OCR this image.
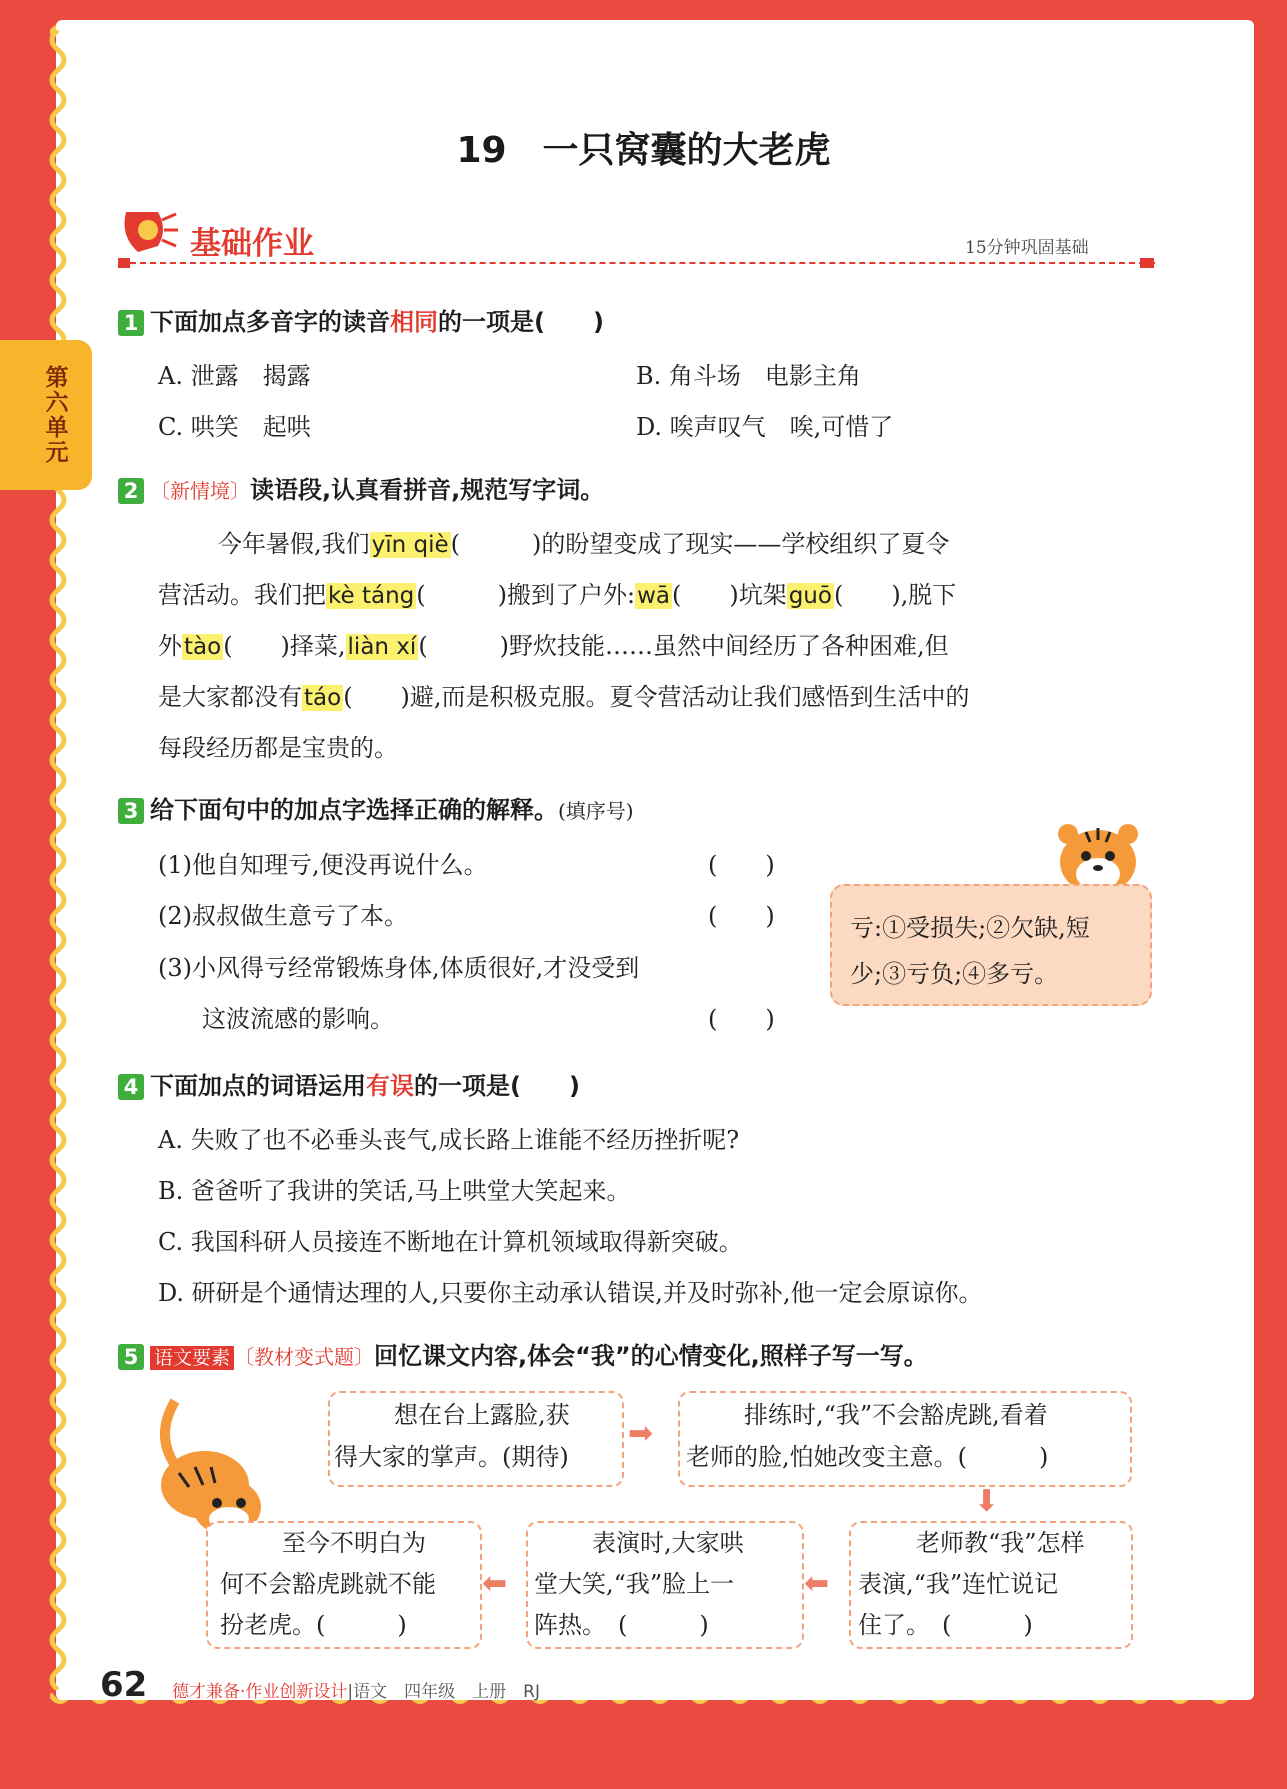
第六单元
19　一只窝囊的大老虎
基础作业	15分钟巩固基础
1 下面加点多音字的读音相同的一项是(　　)
A. 泄露　揭露	B. 角斗场　电影主角
C. 哄笑　起哄	D. 唉声叹气　唉,可惜了
2 〔新情境〕读语段,认真看拼音,规范写字词。
今年暑假,我们yīn qiè(　　　)的盼望变成了现实——学校组织了夏令
营活动。我们把kè táng(　　　)搬到了户外:wā(　　)坑架guō(　　),脱下
外tào(　　)择菜,liàn xí(　　　)野炊技能……虽然中间经历了各种困难,但
是大家都没有táo(　　)避,而是积极克服。夏令营活动让我们感悟到生活中的
每段经历都是宝贵的。
3 给下面句中的加点字选择正确的解释。(填序号)
(1)他自知理亏,便没再说什么。	(　　)
(2)叔叔做生意亏了本。	(　　)
(3)小风得亏经常锻炼身体,体质很好,才没受到
这波流感的影响。	(　　)
亏:①受损失;②欠缺,短少;③亏负;④多亏。
4 下面加点的词语运用有误的一项是(　　)
A. 失败了也不必垂头丧气,成长路上谁能不经历挫折呢?
B. 爸爸听了我讲的笑话,马上哄堂大笑起来。
C. 我国科研人员接连不断地在计算机领域取得新突破。
D. 研研是个通情达理的人,只要你主动承认错误,并及时弥补,他一定会原谅你。
5 语文要素 〔教材变式题〕回忆课文内容,体会“我”的心情变化,照样子写一写。
想在台上露脸,获
得大家的掌声。(期待)
➡
排练时,“我”不会豁虎跳,看着
老师的脸,怕她改变主意。(　　　)
⬇
老师教“我”怎样
表演,“我”连忙说记
住了。　(　　　)
⬅
表演时,大家哄
堂大笑,“我”脸上一
阵热。　(　　　)
⬅
至今不明白为
何不会豁虎跳就不能
扮老虎。(　　　)
62 德才兼备·作业创新设计|语文　四年级　上册　RJ
